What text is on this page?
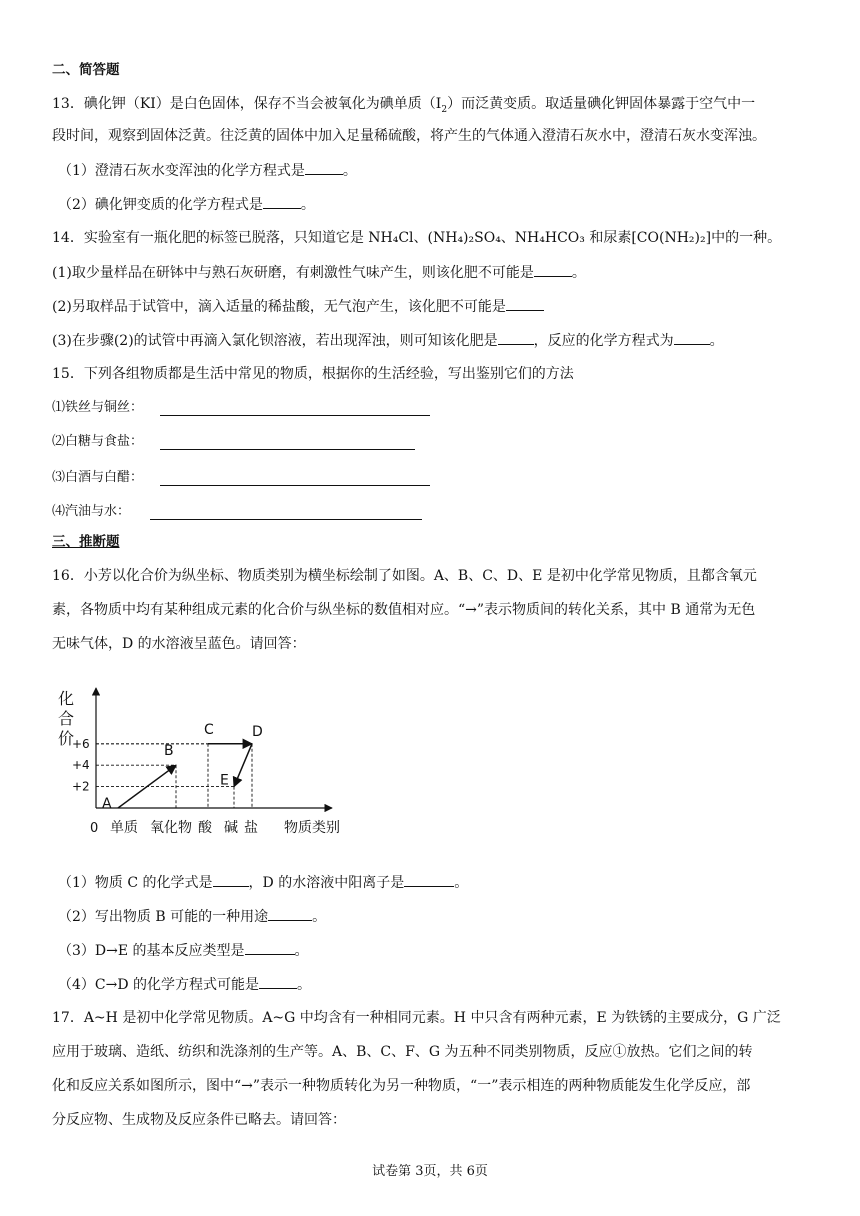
二、简答题
13．碘化钾（KI）是白色固体，保存不当会被氧化为碘单质$(I_2)$而泛黄变质。取适量碘化钾固体暴露于空气中一
段时间，观察到固体泛黄。往泛黄的固体中加入足量稀硫酸，将产生的气体通入澄清石灰水中，澄清石灰水变浑浊。
（1）澄清石灰水变浑浊的化学方程式是	。
（2）碘化钾变质的化学方程式是	。
14．实验室有一瓶化肥的标签已脱落，只知道它是 NH₄Cl、(NH₄)₂SO₄、NH₄HCO₃ 和尿素[CO(NH₂)₂]中的一种。
(1)取少量样品在研钵中与熟石灰研磨，有刺激性气味产生，则该化肥不可能是	。
(2)另取样品于试管中，滴入适量的稀盐酸，无气泡产生，该化肥不可能是
(3)在步骤(2)的试管中再滴入氯化钡溶液，若出现浑浊，则可知该化肥是	，反应的化学方程式为	。
15．下列各组物质都是生活中常见的物质，根据你的生活经验，写出鉴别它们的方法
⑴铁丝与铜丝：
⑵白糖与食盐：
⑶白酒与白醋：
⑷汽油与水：
三、推断题
16．小芳以化合价为纵坐标、物质类别为横坐标绘制了如图。A、B、C、D、E 是初中化学常见物质，且都含氧元
素，各物质中均有某种组成元素的化合价与纵坐标的数值相对应。“→”表示物质间的转化关系，其中 B 通常为无色
无味气体，D 的水溶液呈蓝色。请回答：
化
合
价
+2
+4
+6
单质 氧化物 酸 碱 盐 物质类别
0
A
B
C	D
E
（1）物质 C 的化学式是	，D 的水溶液中阳离子是	。
（2）写出物质 B 可能的一种用途	。
（3）D→E 的基本反应类型是	。
（4）C→D 的化学方程式可能是	。
17．A~H 是初中化学常见物质。A~G 中均含有一种相同元素。H 中只含有两种元素，E 为铁锈的主要成分，G 广泛
应用于玻璃、造纸、纺织和洗涤剂的生产等。A、B、C、F、G 为五种不同类别物质，反应①放热。它们之间的转
化和反应关系如图所示，图中“→”表示一种物质转化为另一种物质，“一”表示相连的两种物质能发生化学反应，部
分反应物、生成物及反应条件已略去。请回答：
试卷第 3页，共 6页
